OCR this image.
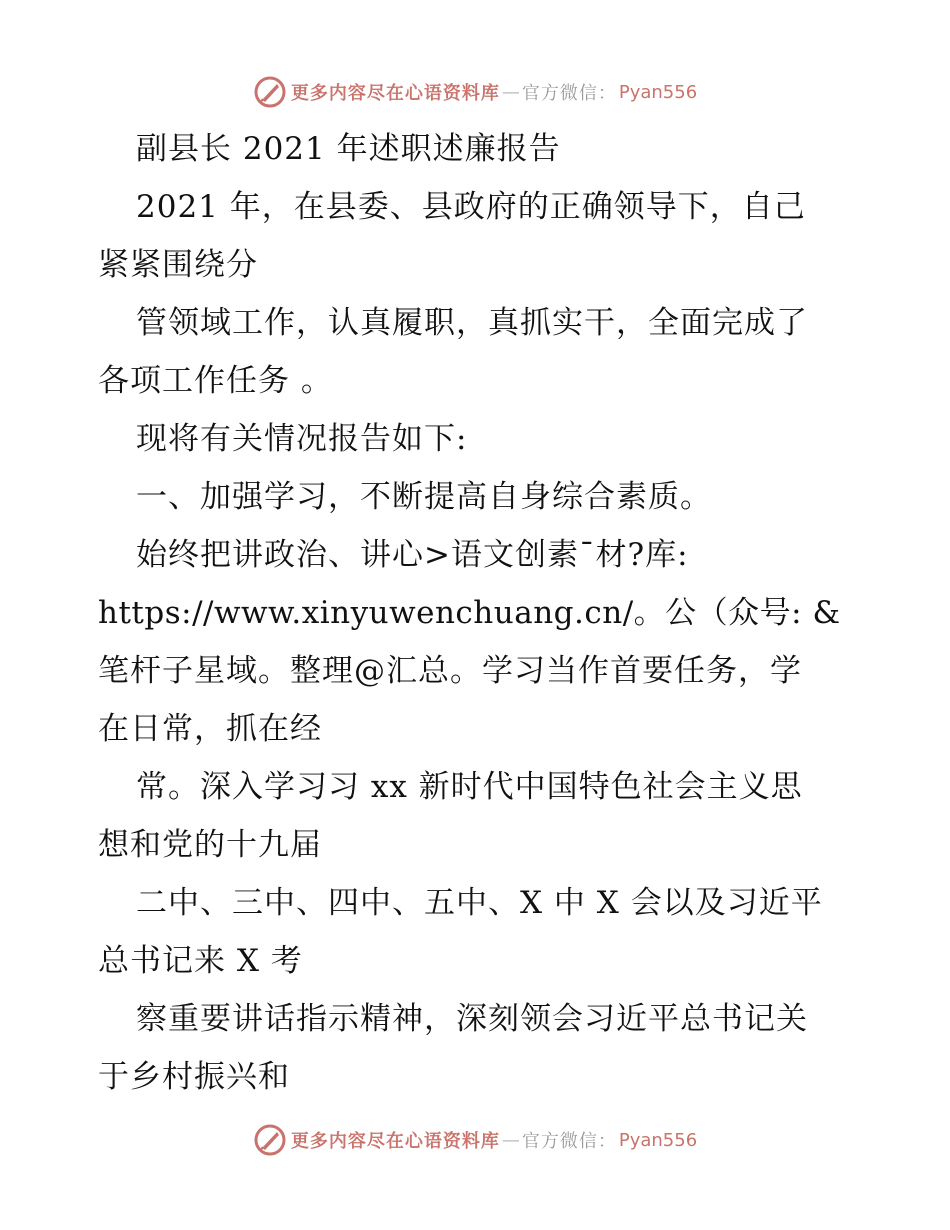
更多内容尽在心语资料库 — 官方微信： Pyan556
副县长 2021 年述职述廉报告
2021 年，在县委、县政府的正确领导下，自己
紧紧围绕分
管领域工作，认真履职，真抓实干，全面完成了
各项工作任务 。
现将有关情况报告如下:
一、加强学习，不断提高自身综合素质。
始终把讲政治、讲心>语文创素¯材?库:
https://www.xinyuwenchuang.cn/。公（众号: &
笔杆子星域。整理@汇总。学习当作首要任务，学
在日常，抓在经
常。深入学习习 xx 新时代中国特色社会主义思
想和党的十九届
二中、三中、四中、五中、X 中 X 会以及习近平
总书记来 X 考
察重要讲话指示精神，深刻领会习近平总书记关
于乡村振兴和
更多内容尽在心语资料库 — 官方微信： Pyan556
